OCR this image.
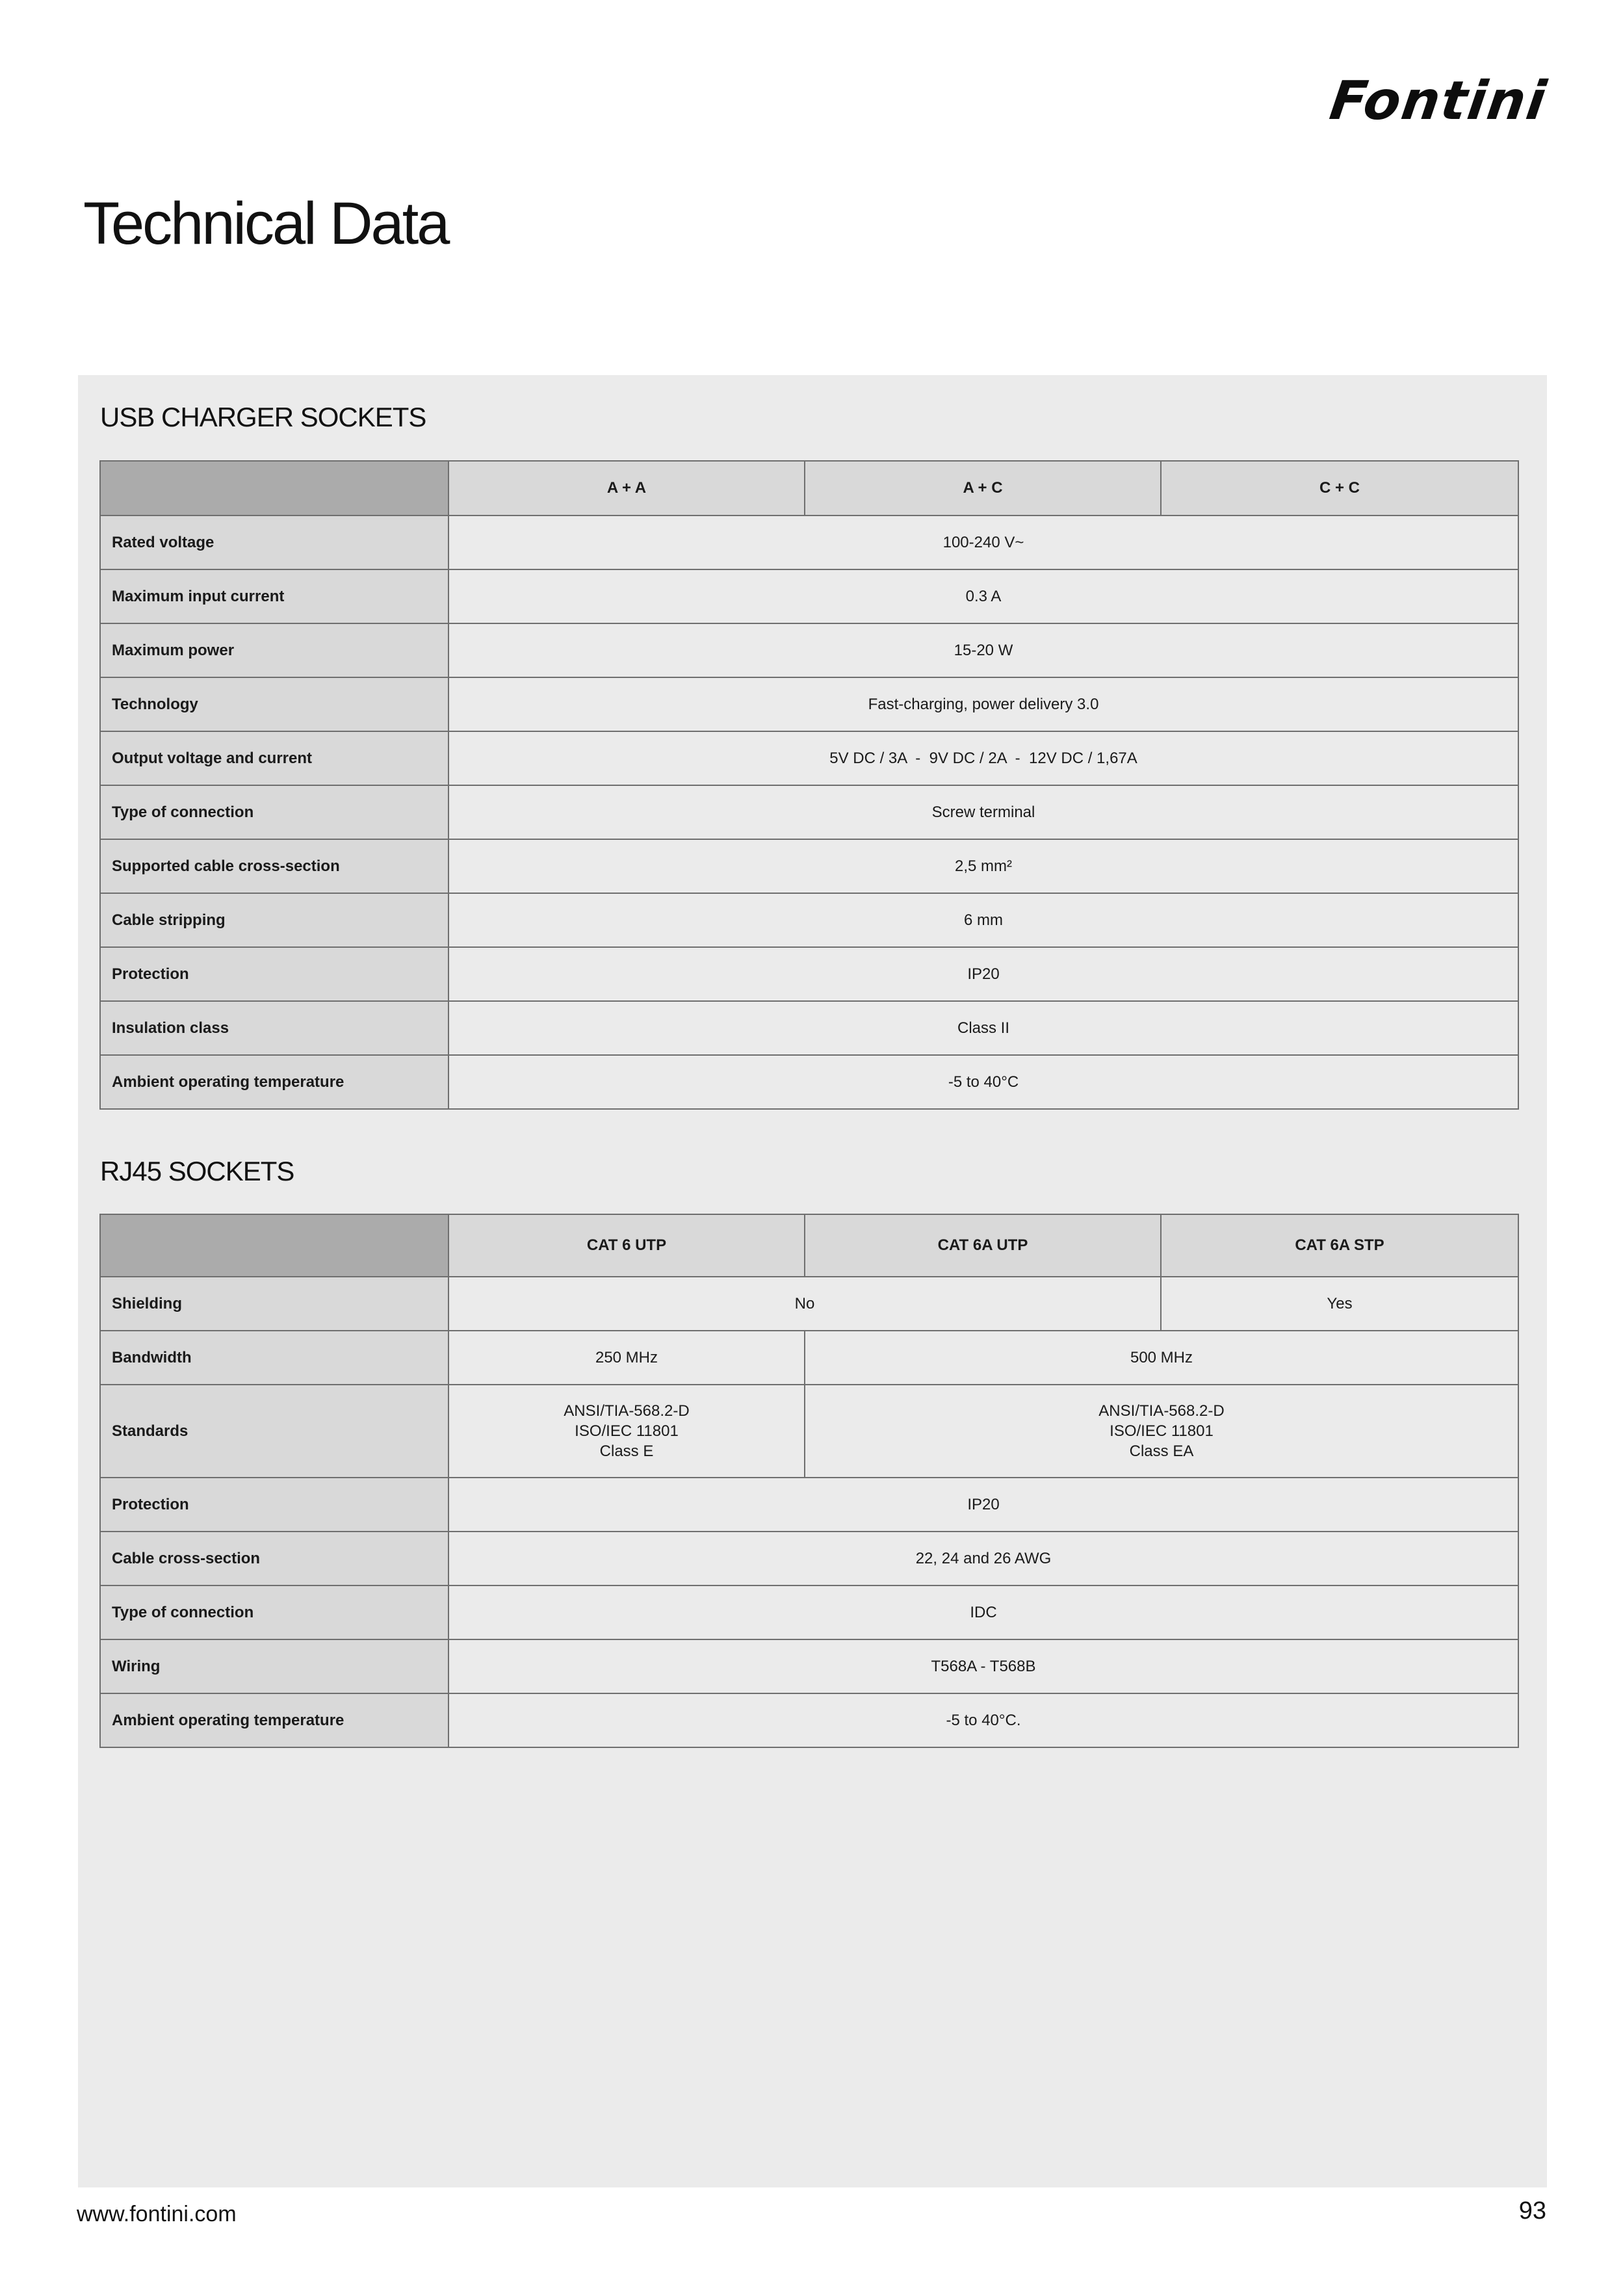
Fontini
Technical Data
USB CHARGER SOCKETS
	A + A	A + C	C + C
Rated voltage	100-240 V~		
Maximum input current	0.3 A		
Maximum power	15-20 W		
Technology	Fast-charging, power delivery 3.0		
Output voltage and current	5V DC / 3A  -  9V DC / 2A  -  12V DC / 1,67A		
Type of connection	Screw terminal		
Supported cable cross-section	2,5 mm²		
Cable stripping	6 mm		
Protection	IP20		
Insulation class	Class II		
Ambient operating temperature	-5 to 40°C		
RJ45 SOCKETS
	CAT 6 UTP	CAT 6A UTP	CAT 6A STP
Shielding	No		Yes
Bandwidth	250 MHz	500 MHz	
Standards	ANSI/TIA-568.2-D
ISO/IEC 11801
Class E	ANSI/TIA-568.2-D
ISO/IEC 11801
Class EA	

Protection	IP20		
Cable cross-section	22, 24 and 26 AWG		
Type of connection	IDC		
Wiring	T568A - T568B		
Ambient operating temperature	-5 to 40°C.		
www.fontini.com	93
